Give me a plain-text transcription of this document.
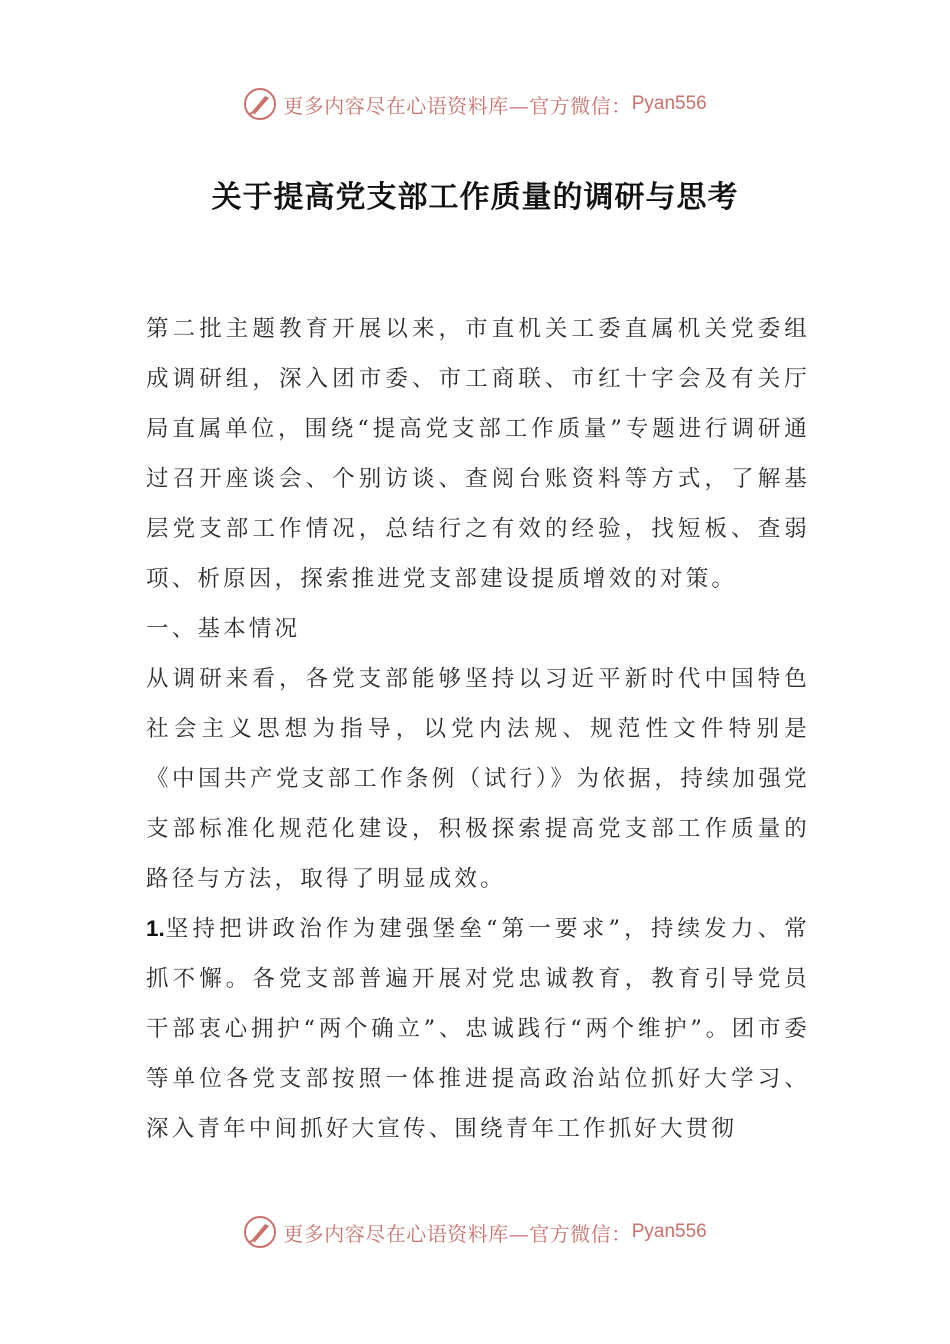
更多内容尽在心语资料库—官方微信： Pyan556
关于提高党支部工作质量的调研与思考

第二批主题教育开展以来，市直机关工委直属机关党委组成调研组，深入团市委、市工商联、市红十字会及有关厅局直属单位，围绕“提高党支部工作质量”专题进行调研通过召开座谈会、个别访谈、查阅台账资料等方式，了解基层党支部工作情况，总结行之有效的经验，找短板、查弱项、析原因，探索推进党支部建设提质增效的对策。

一、基本情况

从调研来看，各党支部能够坚持以习近平新时代中国特色社会主义思想为指导，以党内法规、规范性文件特别是《中国共产党支部工作条例（试行）》为依据，持续加强党支部标准化规范化建设，积极探索提高党支部工作质量的路径与方法，取得了明显成效。

1.坚持把讲政治作为建强堡垒“第一要求”，持续发力、常抓不懈。各党支部普遍开展对党忠诚教育，教育引导党员干部衷心拥护“两个确立”、忠诚践行“两个维护”。团市委等单位各党支部按照一体推进提高政治站位抓好大学习、深入青年中间抓好大宣传、围绕青年工作抓好大贯彻

更多内容尽在心语资料库—官方微信： Pyan556
